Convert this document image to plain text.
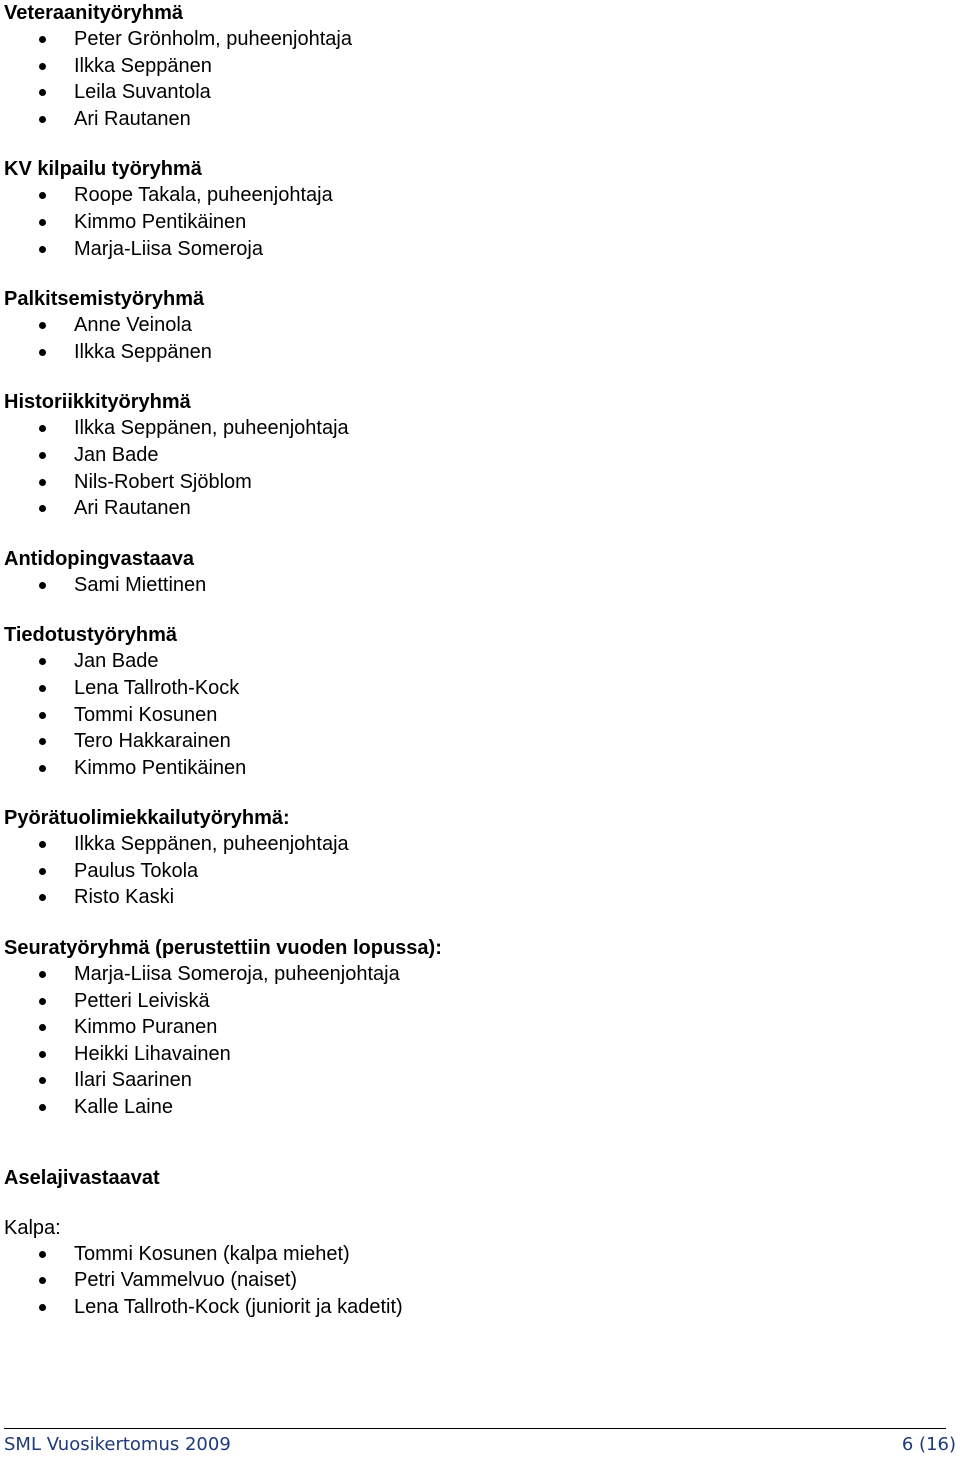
Veteraanityöryhmä

Peter Grönholm, puheenjohtaja
Ilkka Seppänen
Leila Suvantola
Ari Rautanen

KV kilpailu työryhmä

Roope Takala, puheenjohtaja
Kimmo Pentikäinen
Marja-Liisa Someroja

Palkitsemistyöryhmä

Anne Veinola
Ilkka Seppänen

Historiikkityöryhmä

Ilkka Seppänen, puheenjohtaja
Jan Bade
Nils-Robert Sjöblom
Ari Rautanen

Antidopingvastaava

Sami Miettinen

Tiedotustyöryhmä

Jan Bade
Lena Tallroth-Kock
Tommi Kosunen
Tero Hakkarainen
Kimmo Pentikäinen

Pyörätuolimiekkailutyöryhmä:

Ilkka Seppänen, puheenjohtaja
Paulus Tokola
Risto Kaski

Seuratyöryhmä (perustettiin vuoden lopussa):

Marja-Liisa Someroja, puheenjohtaja
Petteri Leiviskä
Kimmo Puranen
Heikki Lihavainen
Ilari Saarinen
Kalle Laine

Aselajivastaavat

Kalpa:

Tommi Kosunen (kalpa miehet)
Petri Vammelvuo (naiset)
Lena Tallroth-Kock (juniorit ja kadetit)
SML Vuosikertomus 2009	6 (16)
